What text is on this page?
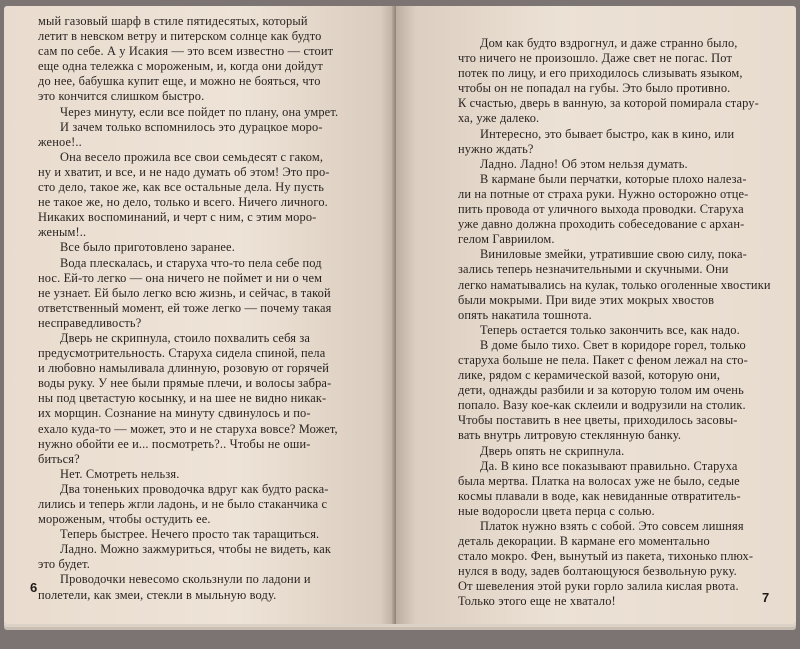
мый газовый шарф в стиле пятидесятых, который
летит в невском ветру и питерском солнце как будто
сам по себе. А у Исакия — это всем известно — стоит
еще одна тележка с мороженым, и, когда они дойдут
до нее, бабушка купит еще, и можно не бояться, что
это кончится слишком быстро.
Через минуту, если все пойдет по плану, она умрет.
И зачем только вспомнилось это дурацкое моро-
женое!..
Она весело прожила все свои семьдесят с гаком,
ну и хватит, и все, и не надо думать об этом! Это про-
сто дело, такое же, как все остальные дела. Ну пусть
не такое же, но дело, только и всего. Ничего личного.
Никаких воспоминаний, и черт с ним, с этим моро-
женым!..
Все было приготовлено заранее.
Вода плескалась, и старуха что-то пела себе под
нос. Ей-то легко — она ничего не поймет и ни о чем
не узнает. Ей было легко всю жизнь, и сейчас, в такой
ответственный момент, ей тоже легко — почему такая
несправедливость?
Дверь не скрипнула, стоило похвалить себя за
предусмотрительность. Старуха сидела спиной, пела
и любовно намыливала длинную, розовую от горячей
воды руку. У нее были прямые плечи, и волосы забра-
ны под цветастую косынку, и на шее не видно никак-
их морщин. Сознание на минуту сдвинулось и по-
ехало куда-то — может, это и не старуха вовсе? Может,
нужно обойти ее и... посмотреть?.. Чтобы не оши-
биться?
Нет. Смотреть нельзя.
Два тоненьких проводочка вдруг как будто раска-
лились и теперь жгли ладонь, и не было стаканчика с
мороженым, чтобы остудить ее.
Теперь быстрее. Нечего просто так таращиться.
Ладно. Можно зажмуриться, чтобы не видеть, как
это будет.
Проводочки невесомо скользнули по ладони и
полетели, как змеи, стекли в мыльную воду.
6
Дом как будто вздрогнул, и даже странно было,
что ничего не произошло. Даже свет не погас. Пот
потек по лицу, и его приходилось слизывать языком,
чтобы он не попадал на губы. Это было противно.
К счастью, дверь в ванную, за которой помирала стару-
ха, уже далеко.
Интересно, это бывает быстро, как в кино, или
нужно ждать?
Ладно. Ладно! Об этом нельзя думать.
В кармане были перчатки, которые плохо налеза-
ли на потные от страха руки. Нужно осторожно отце-
пить провода от уличного выхода проводки. Старуха
уже давно должна проходить собеседование с архан-
гелом Гавриилом.
Виниловые змейки, утратившие свою силу, пока-
зались теперь незначительными и скучными. Они
легко наматывались на кулак, только оголенные хвостики
были мокрыми. При виде этих мокрых хвостов
опять накатила тошнота.
Теперь остается только закончить все, как надо.
В доме было тихо. Свет в коридоре горел, только
старуха больше не пела. Пакет с феном лежал на сто-
лике, рядом с керамической вазой, которую они,
дети, однажды разбили и за которую толом им очень
попало. Вазу кое-как склеили и водрузили на столик.
Чтобы поставить в нее цветы, приходилось засовы-
вать внутрь литровую стеклянную банку.
Дверь опять не скрипнула.
Да. В кино все показывают правильно. Старуха
была мертва. Платка на волосах уже не было, седые
космы плавали в воде, как невиданные отвратитель-
ные водоросли цвета перца с солью.
Платок нужно взять с собой. Это совсем лишняя
деталь декорации. В кармане его моментально
стало мокро. Фен, вынутый из пакета, тихонько плюх-
нулся в воду, задев болтающуюся безвольную руку.
От шевеления этой руки горло залила кислая рвота.
Только этого еще не хватало!	7
